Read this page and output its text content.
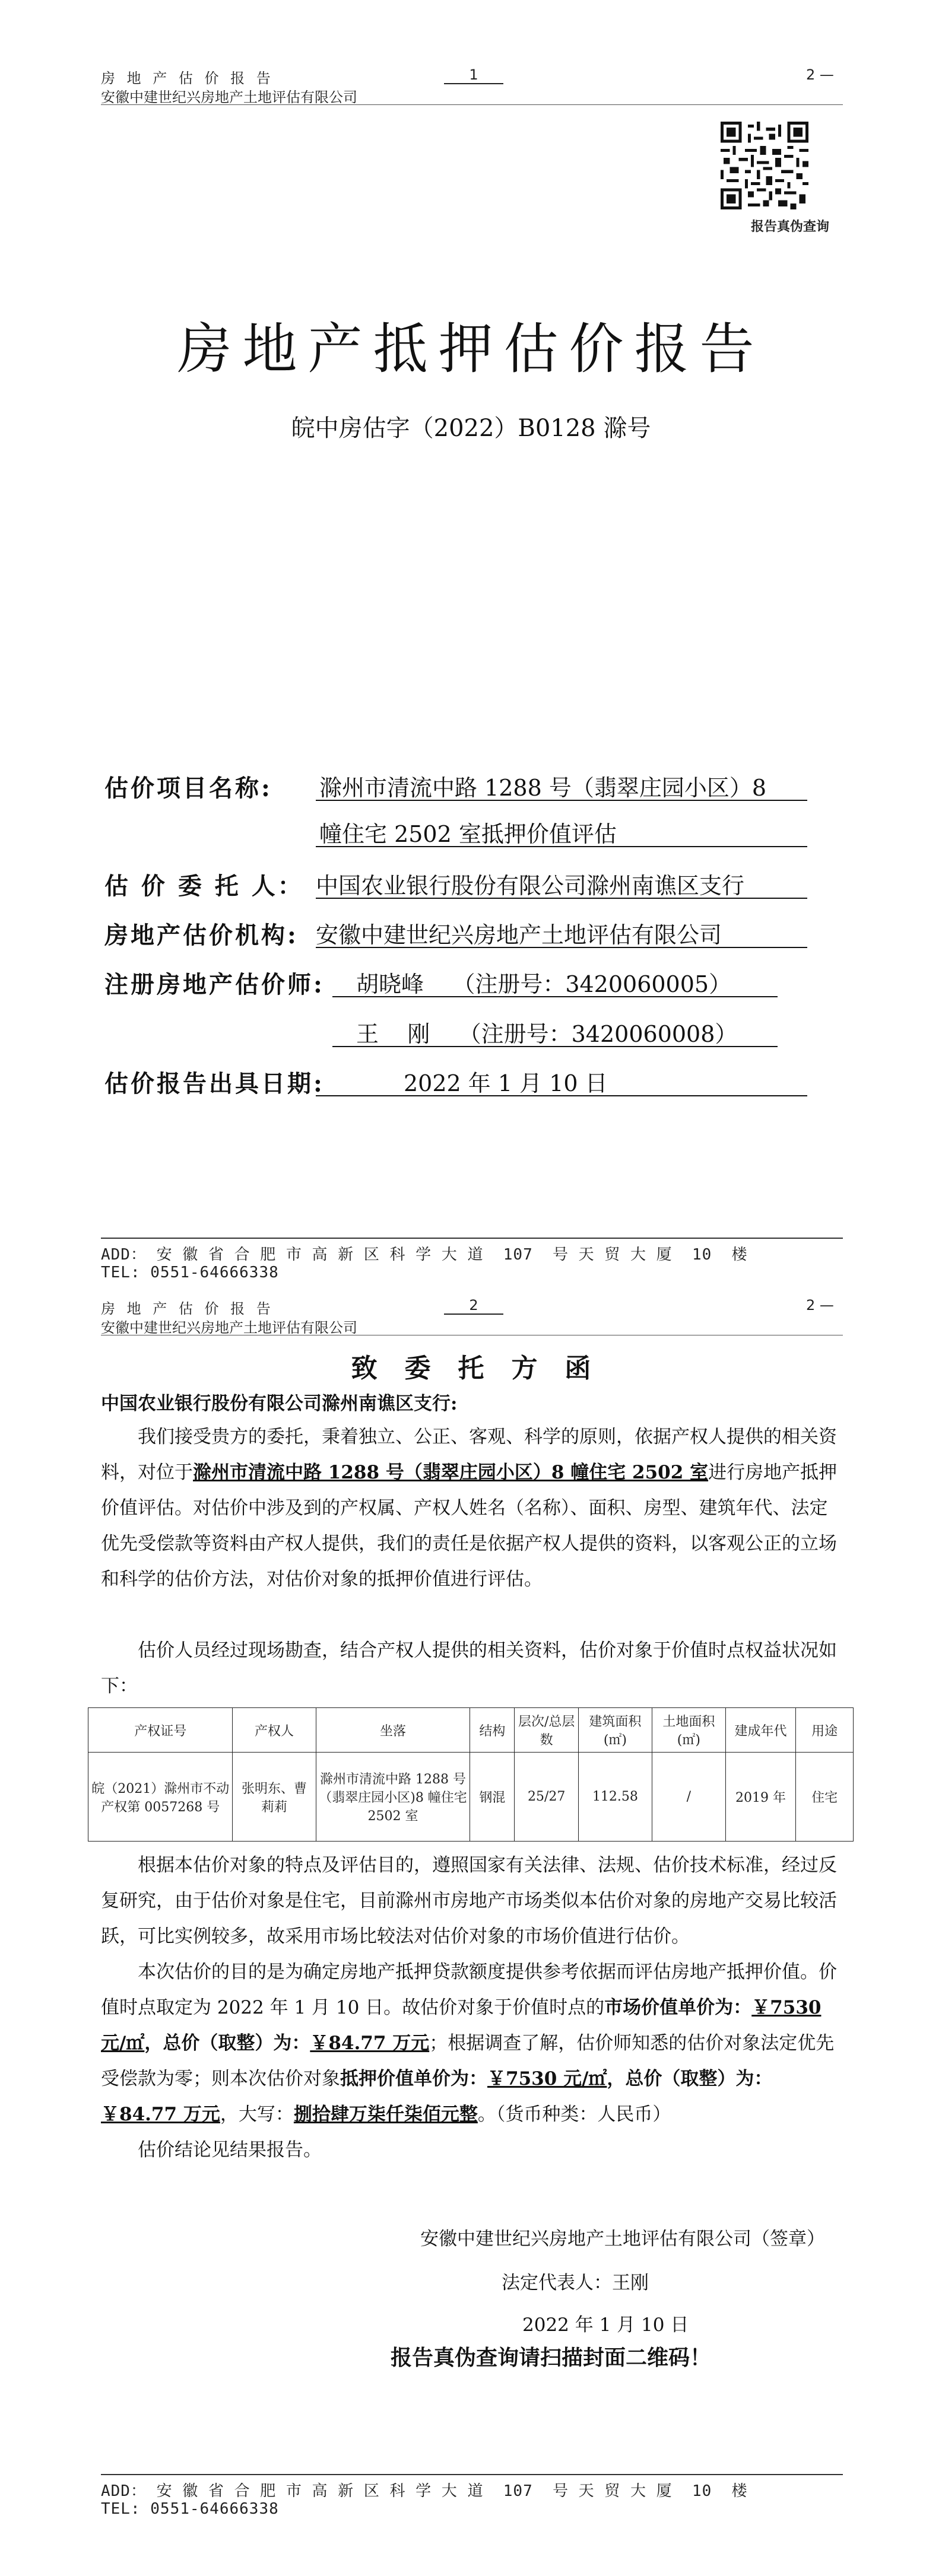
房 地 产 估 价 报 告
安徽中建世纪兴房地产土地评估有限公司
1	2 —
报告真伪查询
房地产抵押估价报告
皖中房估字（2022）B0128 滁号
估价项目名称: 滁州市清流中路 1288 号（翡翠庄园小区）8
幢住宅 2502 室抵押价值评估
估 价 委 托 人： 中国农业银行股份有限公司滁州南谯区支行
房地产估价机构: 安徽中建世纪兴房地产土地评估有限公司
注册房地产估价师: 胡晓峰    （注册号：3420060005）
王    刚    （注册号：3420060008）
估价报告出具日期:	2022 年 1 月 10 日
ADD： 安 徽 省 合 肥 市 高 新 区 科 学 大 道  107  号 天 贸 大 厦  10  楼
TEL: 0551-64666338
房 地 产 估 价 报 告
安徽中建世纪兴房地产土地评估有限公司
2	2 —
致   委   托   方   函
中国农业银行股份有限公司滁州南谯区支行:
我们接受贵方的委托，秉着独立、公正、客观、科学的原则，依据产权人提供的相关资料，对位于滁州市清流中路 1288 号（翡翠庄园小区）8 幢住宅 2502 室进行房地产抵押价值评估。对估价中涉及到的产权属、产权人姓名（名称）、面积、房型、建筑年代、法定优先受偿款等资料由产权人提供，我们的责任是依据产权人提供的资料，以客观公正的立场和科学的估价方法，对估价对象的抵押价值进行评估。
估价人员经过现场勘查，结合产权人提供的相关资料，估价对象于价值时点权益状况如下：
产权证号	产权人	坐落	结构	层次/总层数	建筑面积(㎡)	土地面积(㎡)	建成年代	用途
皖（2021）滁州市不动产权第 0057268 号	张明东、曹莉莉	滁州市清流中路 1288 号（翡翠庄园小区)8 幢住宅 2502 室	钢混	25/27	112.58	/	2019 年	住宅
根据本估价对象的特点及评估目的，遵照国家有关法律、法规、估价技术标准，经过反复研究，由于估价对象是住宅，目前滁州市房地产市场类似本估价对象的房地产交易比较活跃，可比实例较多，故采用市场比较法对估价对象的市场价值进行估价。
本次估价的目的是为确定房地产抵押贷款额度提供参考依据而评估房地产抵押价值。价值时点取定为 2022 年 1 月 10 日。故估价对象于价值时点的市场价值单价为：￥7530 元/㎡，总价（取整）为：￥84.77 万元；根据调查了解，估价师知悉的估价对象法定优先受偿款为零；则本次估价对象抵押价值单价为：￥7530 元/㎡，总价（取整）为：￥84.77 万元，大写：捌拾肆万柒仟柒佰元整。（货币种类：人民币）
估价结论见结果报告。
安徽中建世纪兴房地产土地评估有限公司（签章）
法定代表人：王刚
2022 年 1 月 10 日
报告真伪查询请扫描封面二维码！
ADD： 安 徽 省 合 肥 市 高 新 区 科 学 大 道  107  号 天 贸 大 厦  10  楼
TEL: 0551-64666338
